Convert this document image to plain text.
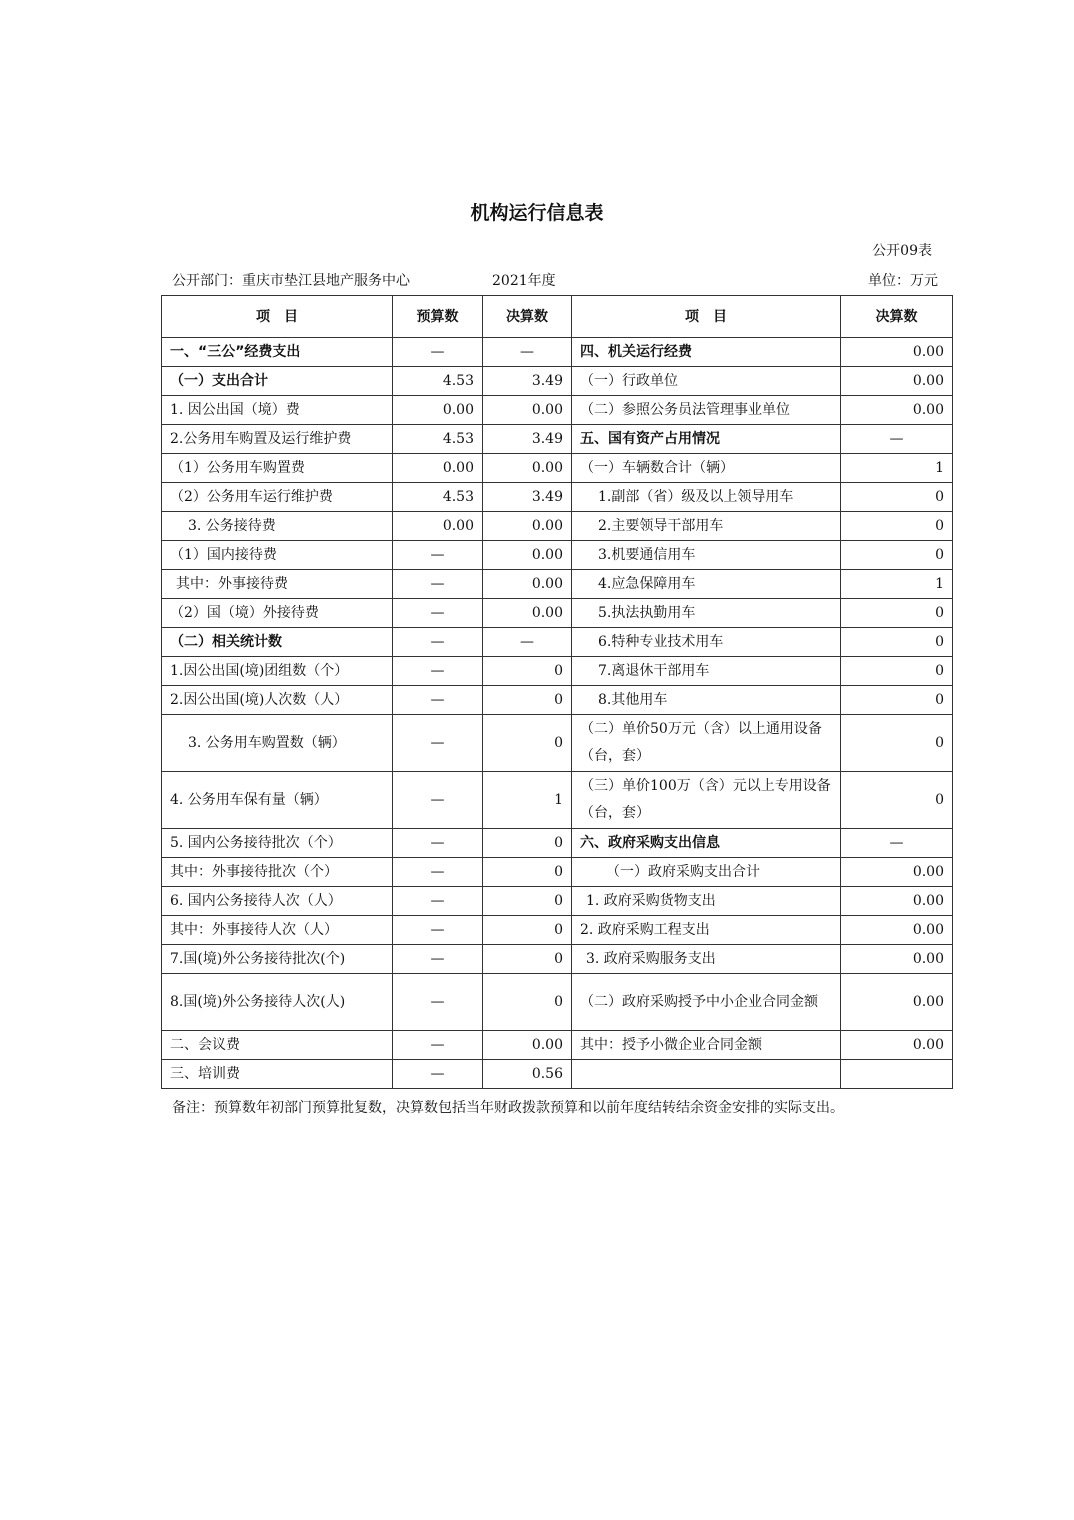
机构运行信息表
公开09表
公开部门：重庆市垫江县地产服务中心	2021年度	单位：万元
项　目	预算数	决算数	项　目	决算数
一、“三公”经费支出	—	—	四、机关运行经费	0.00
（一）支出合计	4.53	3.49	（一）行政单位	0.00
1. 因公出国（境）费	0.00	0.00	（二）参照公务员法管理事业单位	0.00
2.公务用车购置及运行维护费	4.53	3.49	五、国有资产占用情况	—
（1）公务用车购置费	0.00	0.00	（一）车辆数合计（辆）	1
（2）公务用车运行维护费	4.53	3.49	1.副部（省）级及以上领导用车	0
3. 公务接待费	0.00	0.00	2.主要领导干部用车	0
（1）国内接待费	—	0.00	3.机要通信用车	0
其中：外事接待费	—	0.00	4.应急保障用车	1
（2）国（境）外接待费	—	0.00	5.执法执勤用车	0
（二）相关统计数	—	—	6.特种专业技术用车	0
1.因公出国(境)团组数（个）	—	0	7.离退休干部用车	0
2.因公出国(境)人次数（人）	—	0	8.其他用车	0
3. 公务用车购置数（辆）	—	0	（二）单价50万元（含）以上通用设备（台，套）	0
4. 公务用车保有量（辆）	—	1	（三）单价100万（含）元以上专用设备（台，套）	0
5. 国内公务接待批次（个）	—	0	六、政府采购支出信息	—
其中：外事接待批次（个）	—	0	（一）政府采购支出合计	0.00
6. 国内公务接待人次（人）	—	0	1. 政府采购货物支出	0.00
其中：外事接待人次（人）	—	0	2. 政府采购工程支出	0.00
7.国(境)外公务接待批次(个)	—	0	3. 政府采购服务支出	0.00
8.国(境)外公务接待人次(人)	—	0	（二）政府采购授予中小企业合同金额	0.00
二、会议费	—	0.00	其中：授予小微企业合同金额	0.00
三、培训费	—	0.56		
备注：预算数年初部门预算批复数，决算数包括当年财政拨款预算和以前年度结转结余资金安排的实际支出。
